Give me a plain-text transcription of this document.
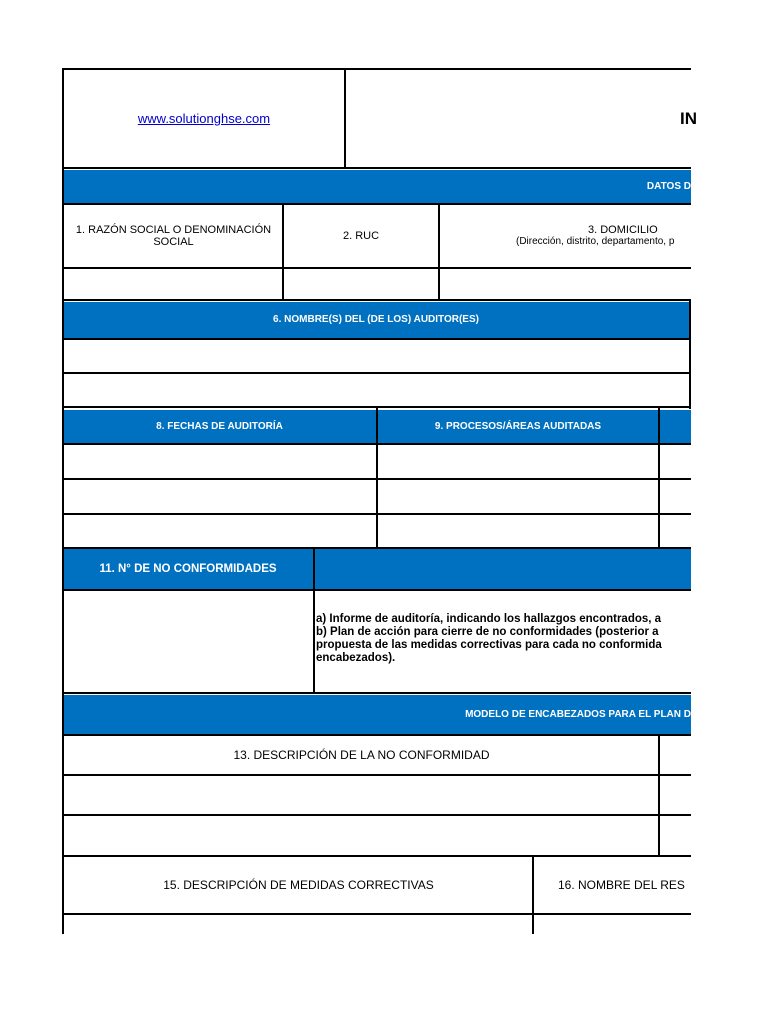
www.solutionghse.com	IN
DATOS D
1. RAZÓN SOCIAL O DENOMINACIÓN SOCIAL	2. RUC	3. DOMICILIO
(Dirección, distrito, departamento, p
6. NOMBRE(S) DEL (DE LOS) AUDITOR(ES)
8. FECHAS DE AUDITORÍA	9. PROCESOS/ÁREAS AUDITADAS
11. N° DE NO CONFORMIDADES
a) Informe de auditoría, indicando los hallazgos encontrados, a
b) Plan de acción para cierre de no conformidades (posterior a
propuesta de las medidas correctivas para cada no conformida
encabezados).
MODELO DE ENCABEZADOS PARA EL PLAN D
13. DESCRIPCIÓN DE LA NO CONFORMIDAD
15. DESCRIPCIÓN DE MEDIDAS CORRECTIVAS	16. NOMBRE DEL RES
